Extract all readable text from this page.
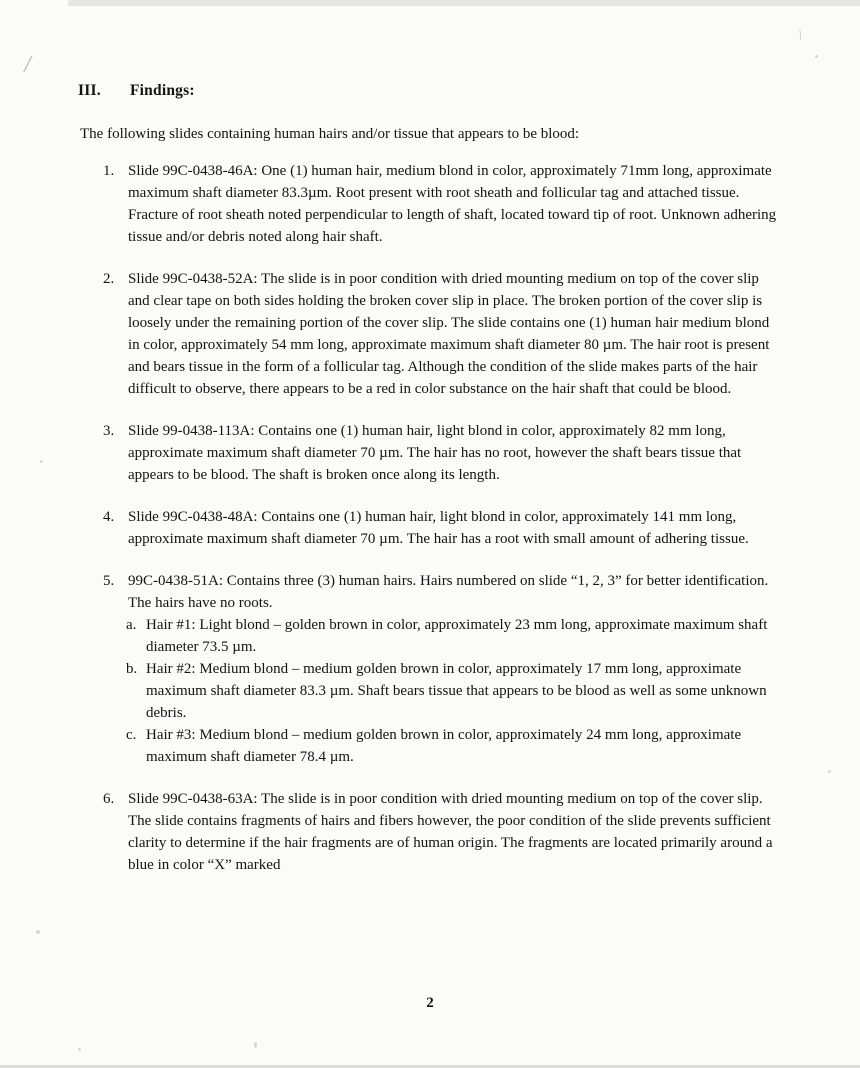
/
\
III. Findings:
The following slides containing human hairs and/or tissue that appears to be blood:
1. Slide 99C-0438-46A: One (1) human hair, medium blond in color, approximately 71mm long, approximate maximum shaft diameter 83.3µm. Root present with root sheath and follicular tag and attached tissue. Fracture of root sheath noted perpendicular to length of shaft, located toward tip of root. Unknown adhering tissue and/or debris noted along hair shaft.
2. Slide 99C-0438-52A: The slide is in poor condition with dried mounting medium on top of the cover slip and clear tape on both sides holding the broken cover slip in place. The broken portion of the cover slip is loosely under the remaining portion of the cover slip. The slide contains one (1) human hair medium blond in color, approximately 54 mm long, approximate maximum shaft diameter 80 µm. The hair root is present and bears tissue in the form of a follicular tag. Although the condition of the slide makes parts of the hair difficult to observe, there appears to be a red in color substance on the hair shaft that could be blood.
3. Slide 99-0438-113A: Contains one (1) human hair, light blond in color, approximately 82 mm long, approximate maximum shaft diameter 70 µm. The hair has no root, however the shaft bears tissue that appears to be blood. The shaft is broken once along its length.
4. Slide 99C-0438-48A: Contains one (1) human hair, light blond in color, approximately 141 mm long, approximate maximum shaft diameter 70 µm. The hair has a root with small amount of adhering tissue.
5. 99C-0438-51A: Contains three (3) human hairs. Hairs numbered on slide “1, 2, 3” for better identification. The hairs have no roots.
a. Hair #1: Light blond – golden brown in color, approximately 23 mm long, approximate maximum shaft diameter 73.5 µm.
b. Hair #2: Medium blond – medium golden brown in color, approximately 17 mm long, approximate maximum shaft diameter 83.3 µm. Shaft bears tissue that appears to be blood as well as some unknown debris.
c. Hair #3: Medium blond – medium golden brown in color, approximately 24 mm long, approximate maximum shaft diameter 78.4 µm.
6. Slide 99C-0438-63A: The slide is in poor condition with dried mounting medium on top of the cover slip. The slide contains fragments of hairs and fibers however, the poor condition of the slide prevents sufficient clarity to determine if the hair fragments are of human origin. The fragments are located primarily around a blue in color “X” marked
2
